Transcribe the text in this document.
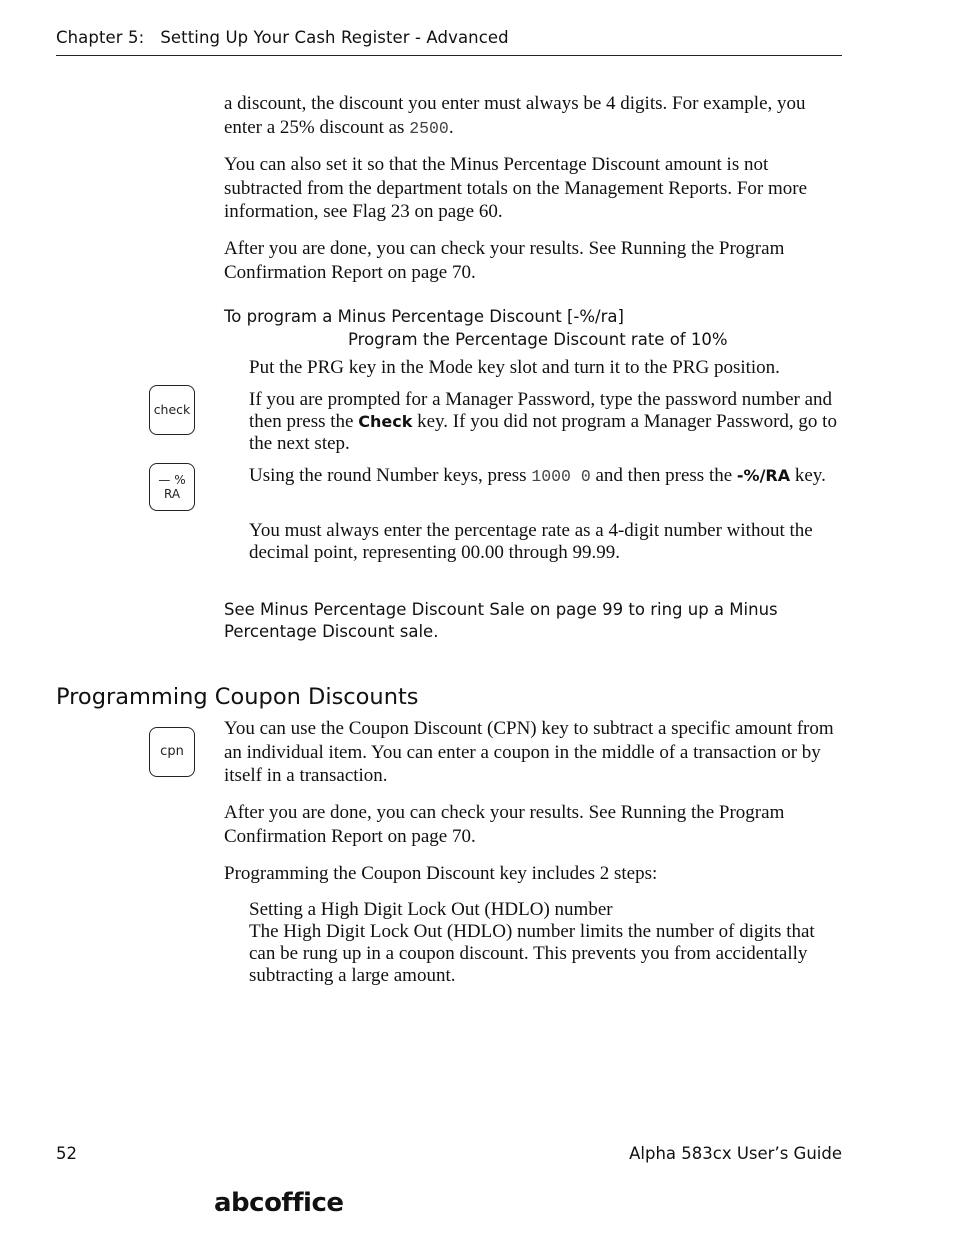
Chapter 5: Setting Up Your Cash Register - Advanced
a discount, the discount you enter must always be 4 digits. For example, you enter a 25% discount as 2500.
You can also set it so that the Minus Percentage Discount amount is not subtracted from the department totals on the Management Reports. For more information, see Flag 23 on page 60.
After you are done, you can check your results. See Running the Program Confirmation Report on page 70.
To program a Minus Percentage Discount [-%/ra]
Program the Percentage Discount rate of 10%
Put the PRG key in the Mode key slot and turn it to the PRG position.
check	If you are prompted for a Manager Password, type the password number and then press the Check key. If you did not program a Manager Password, go to the next step.
— %
RA
Using the round Number keys, press 1000 0 and then press the -%/RA key.
You must always enter the percentage rate as a 4-digit number without the decimal point, representing 00.00 through 99.99.
See Minus Percentage Discount Sale on page 99 to ring up a Minus Percentage Discount sale.
Programming Coupon Discounts
cpn
You can use the Coupon Discount (CPN) key to subtract a specific amount from an individual item. You can enter a coupon in the middle of a transaction or by itself in a transaction.
After you are done, you can check your results. See Running the Program Confirmation Report on page 70.
Programming the Coupon Discount key includes 2 steps:
Setting a High Digit Lock Out (HDLO) number
The High Digit Lock Out (HDLO) number limits the number of digits that can be rung up in a coupon discount. This prevents you from accidentally subtracting a large amount.
52	Alpha 583cx User’s Guide
abcoffice
